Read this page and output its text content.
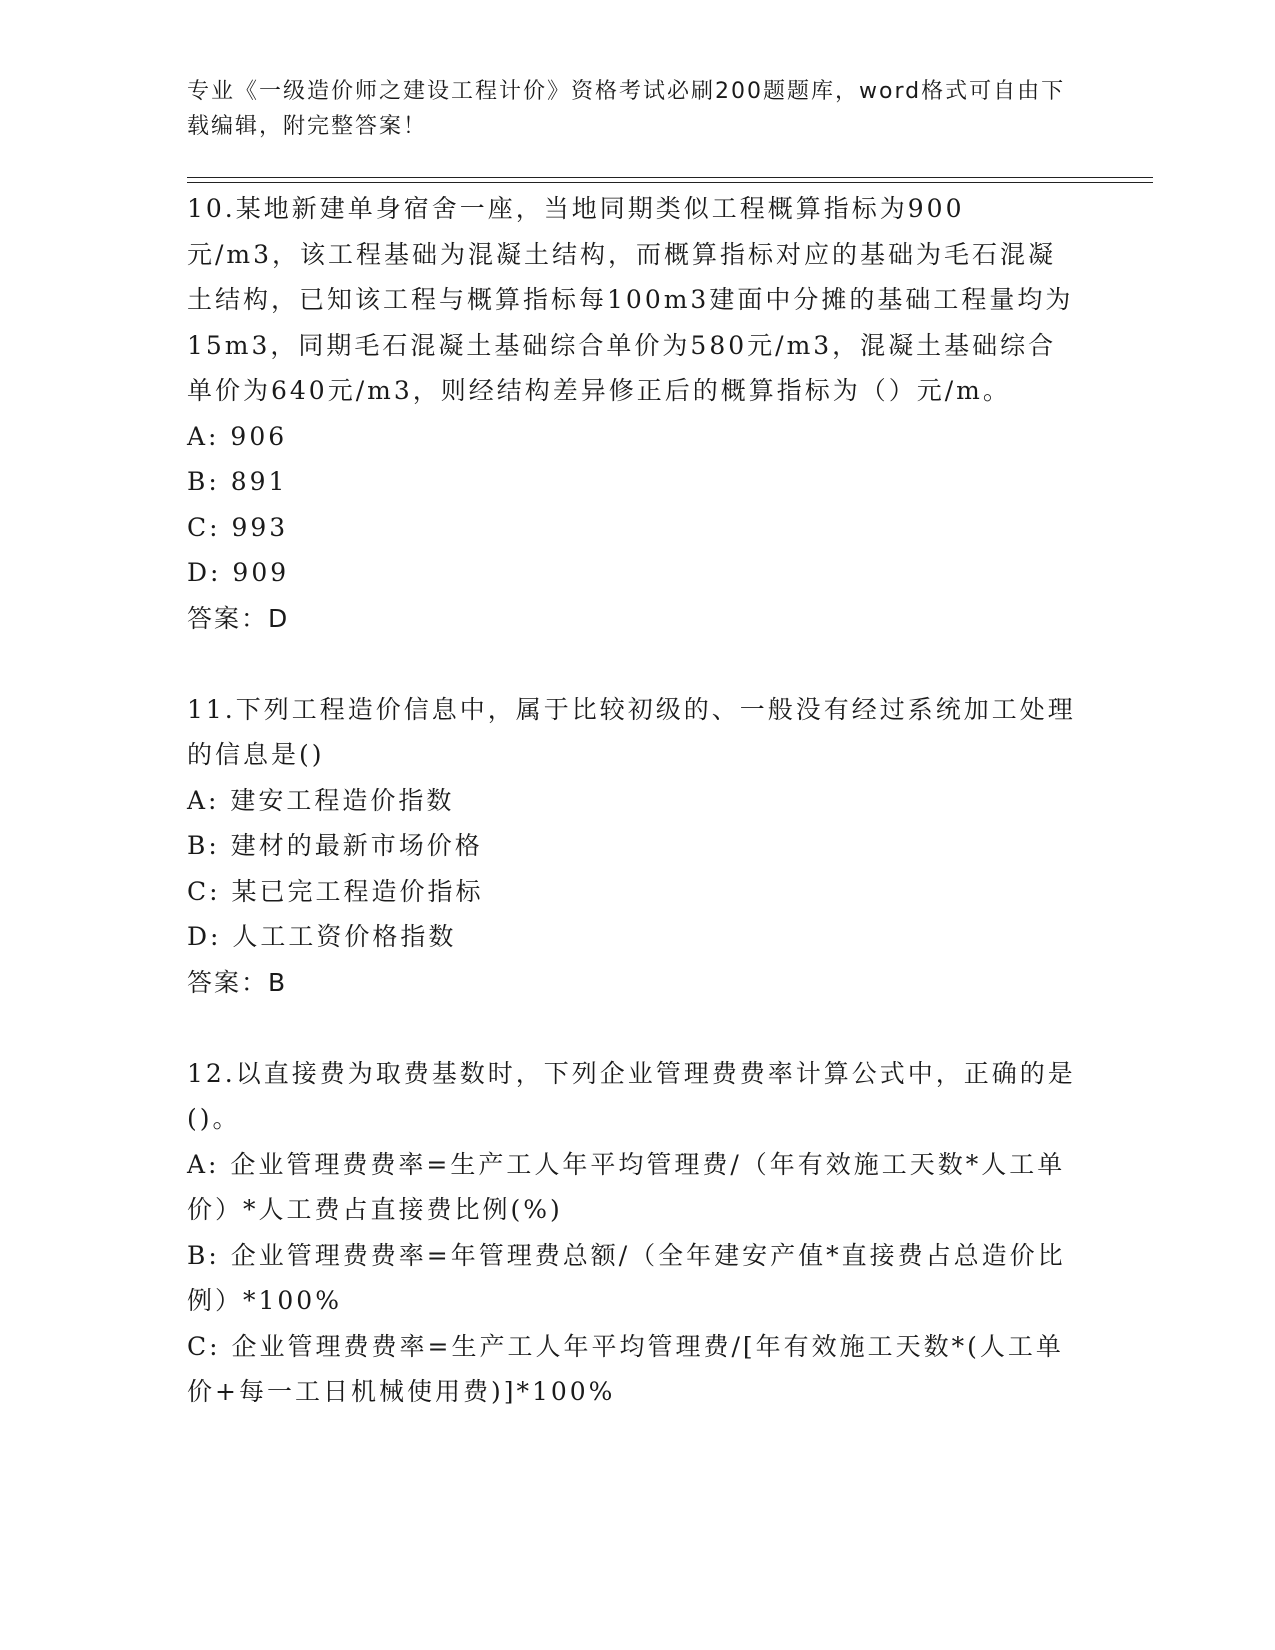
专业《一级造价师之建设工程计价》资格考试必刷200题题库，word格式可自由下载编辑，附完整答案！

10.某地新建单身宿舍一座，当地同期类似工程概算指标为900元/m3，该工程基础为混凝土结构，而概算指标对应的基础为毛石混凝土结构，已知该工程与概算指标每100m3建面中分摊的基础工程量均为15m3，同期毛石混凝土基础综合单价为580元/m3，混凝土基础综合单价为640元/m3，则经结构差异修正后的概算指标为（）元/m。

A: 906

B: 891

C: 993

D: 909

答案：D

11.下列工程造价信息中，属于比较初级的、一般没有经过系统加工处理的信息是()

A: 建安工程造价指数

B: 建材的最新市场价格

C: 某已完工程造价指标

D: 人工工资价格指数

答案：B

12.以直接费为取费基数时，下列企业管理费费率计算公式中，正确的是()。

A: 企业管理费费率=生产工人年平均管理费/（年有效施工天数*人工单价）*人工费占直接费比例(%)

B: 企业管理费费率=年管理费总额/（全年建安产值*直接费占总造价比例）*100%

C: 企业管理费费率=生产工人年平均管理费/[年有效施工天数*(人工单价+每一工日机械使用费)]*100%
